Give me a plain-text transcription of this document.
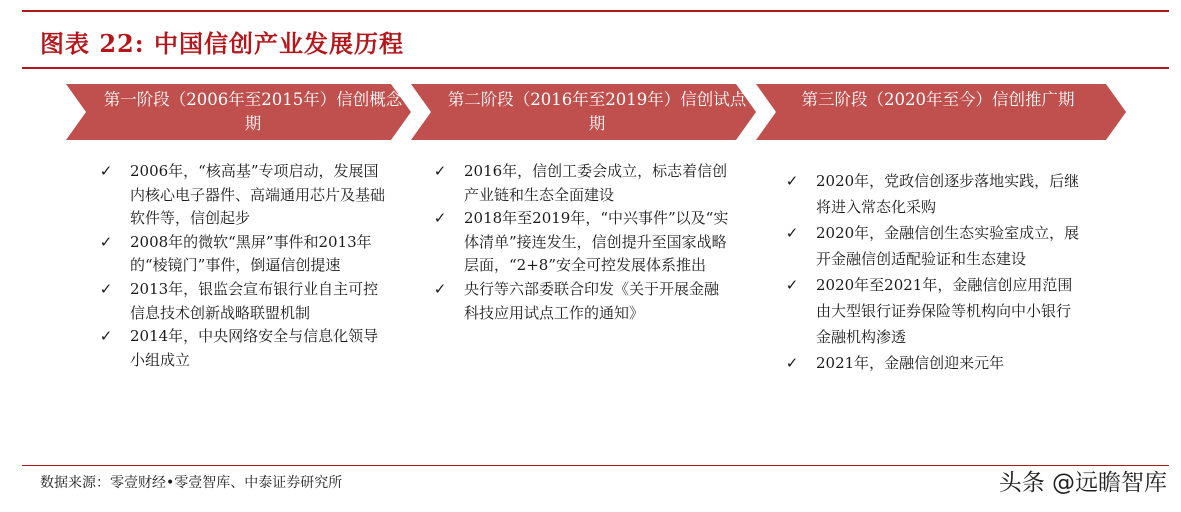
图表 22: 中国信创产业发展历程
第一阶段（2006年至2015年）信创概念期
第二阶段（2016年至2019年）信创试点期
第三阶段（2020年至今）信创推广期
✓ 2006年，“核高基”专项启动，发展国内核心电子器件、高端通用芯片及基础软件等，信创起步
✓ 2008年的微软“黑屏”事件和2013年的“棱镜门”事件，倒逼信创提速
✓ 2013年，银监会宣布银行业自主可控信息技术创新战略联盟机制
✓ 2014年，中央网络安全与信息化领导小组成立
✓ 2016年，信创工委会成立，标志着信创产业链和生态全面建设
✓ 2018年至2019年，“中兴事件”以及“实体清单”接连发生，信创提升至国家战略层面，“2+8”安全可控发展体系推出
✓ 央行等六部委联合印发《关于开展金融科技应用试点工作的通知》
✓ 2020年，党政信创逐步落地实践，后继将进入常态化采购
✓ 2020年，金融信创生态实验室成立，展开金融信创适配验证和生态建设
✓ 2020年至2021年，金融信创应用范围由大型银行证券保险等机构向中小银行金融机构渗透
✓ 2021年，金融信创迎来元年
数据来源：零壹财经•零壹智库、中泰证券研究所	头条 @远瞻智库
